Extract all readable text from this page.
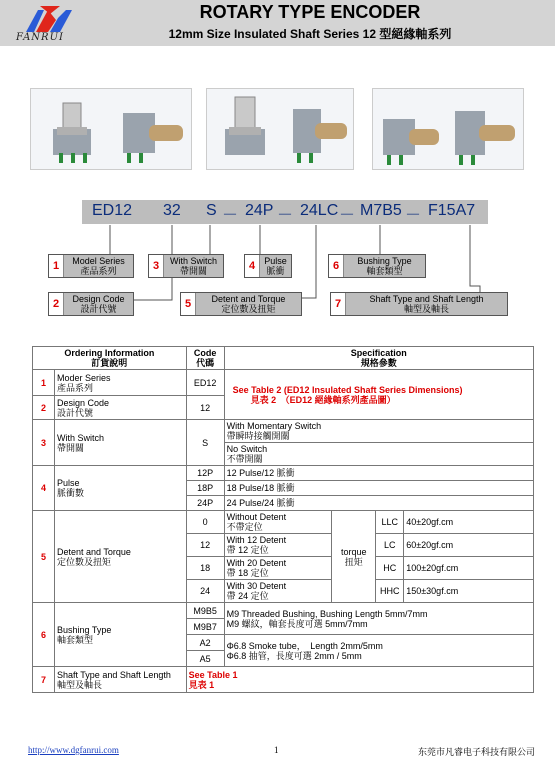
FANRUI
ROTARY TYPE ENCODER
12mm Size Insulated Shaft Series 12 型絕緣軸系列
ED12 32 S － 24P － 24LC － M7B5 － F15A7
1	Model Series
產品系列
2	Design Code
設計代號
3	With Switch
帶開關	4	Pulse
脈衝
5	Detent and Torque
定位數及扭矩
6	Bushing Type
軸套類型
7	Shaft Type and Shaft Length
軸型及軸長
Ordering Information
訂貨說明		Code
代碼	Specification
規格參數			
1	Moder Series
產品系列	ED12	See Table 2 (ED12 Insulated Shaft Series Dimensions)
見表 2　（ED12 絕緣軸系列產品圖）			
2	Design Code
設計代號	12				
3	With Switch
帶開關	S	With Momentary Switch
帶瞬時接觸開關			
			No Switch
不帶開關			
4	Pulse
脈衝數	12P	12 Pulse/12 脈衝			
		18P	18 Pulse/18 脈衝			
		24P	24 Pulse/24 脈衝			
5	Detent and Torque
定位數及扭矩	0	Without Detent
不帶定位	torque
扭矩	LLC	40±20gf.cm
		12	With 12 Detent
帶 12 定位		LC	60±20gf.cm
		18	With 20 Detent
帶 18 定位		HC	100±20gf.cm
		24	With 30 Detent
帶 24 定位		HHC	150±30gf.cm
6	Bushing Type
軸套類型	M9B5	M9 Threaded Bushing, Bushing Length 5mm/7mm
M9 螺紋，軸套長度可選 5mm/7mm			
		M9B7				
		A2	Φ6.8 Smoke tube，　Length 2mm/5mm
Φ6.8 抽管，長度可選 2mm / 5mm			
		A5				
7	Shaft Type and Shaft Length
軸型及軸長	See Table 1
見表 1				
http://www.dgfanrui.com	1	东莞市凡睿电子科技有限公司
